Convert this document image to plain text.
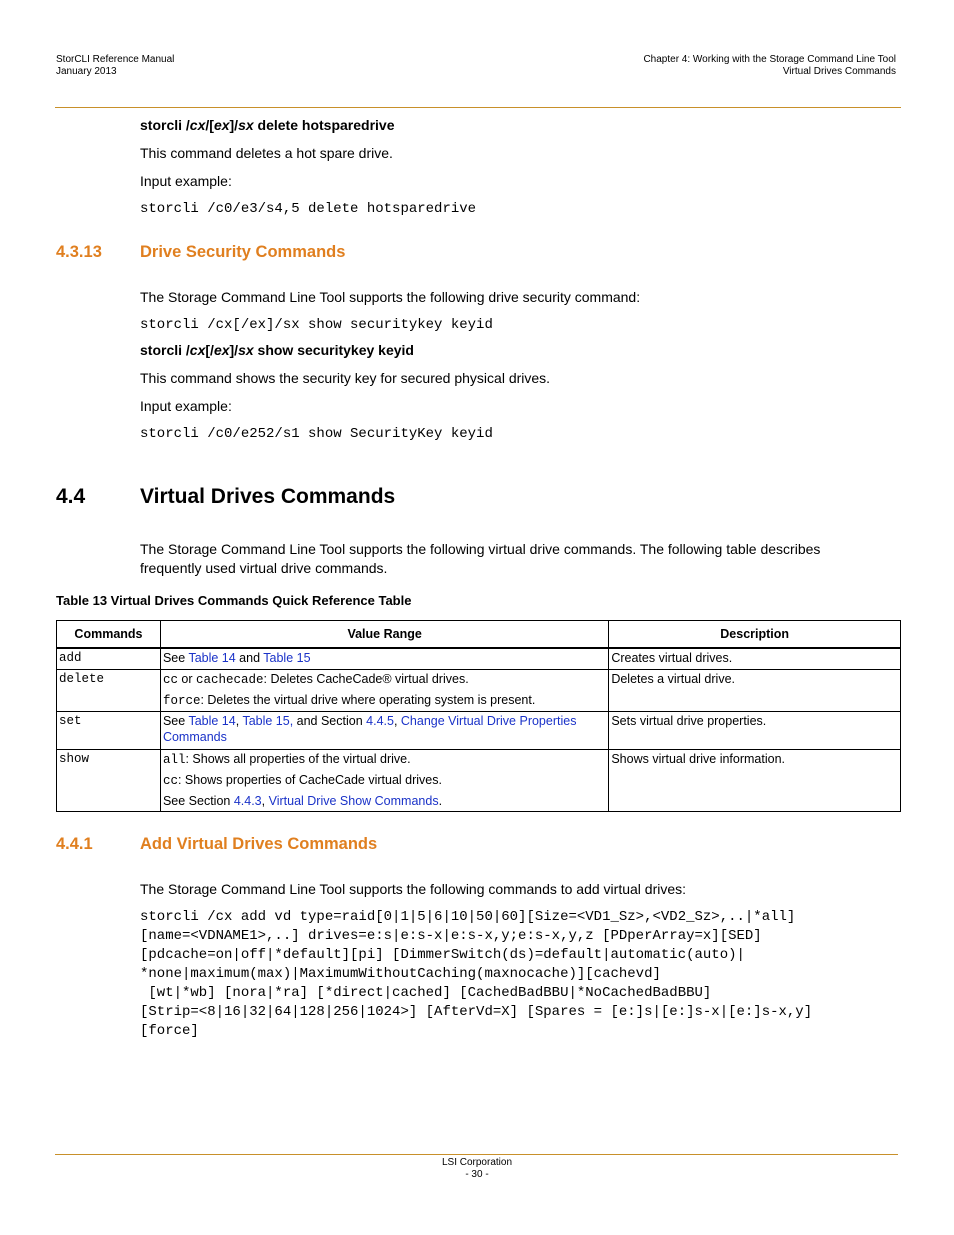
StorCLI Reference Manual
January 2013
Chapter 4: Working with the Storage Command Line Tool
Virtual Drives Commands
storcli /cx/[ex]/sx delete hotsparedrive
This command deletes a hot spare drive.
Input example:
storcli /c0/e3/s4,5 delete hotsparedrive
4.3.13 Drive Security Commands
The Storage Command Line Tool supports the following drive security command:
storcli /cx[/ex]/sx show securitykey keyid
storcli /cx[/ex]/sx show securitykey keyid
This command shows the security key for secured physical drives.
Input example:
storcli /c0/e252/s1 show SecurityKey keyid
4.4	Virtual Drives Commands
The Storage Command Line Tool supports the following virtual drive commands. The following table describes frequently used virtual drive commands.
Table 13 Virtual Drives Commands Quick Reference Table
Commands	Value Range	Description
add	See Table 14 and Table 15	Creates virtual drives.
delete	cc or cachecade: Deletes CacheCade® virtual drives.
force: Deletes the virtual drive where operating system is present.	Deletes a virtual drive.
set	See Table 14, Table 15, and Section 4.4.5, Change Virtual Drive Properties Commands	Sets virtual drive properties.
show	all: Shows all properties of the virtual drive.
cc: Shows properties of CacheCade virtual drives.
See Section 4.4.3, Virtual Drive Show Commands.	Shows virtual drive information.
4.4.1	Add Virtual Drives Commands
The Storage Command Line Tool supports the following commands to add virtual drives:
storcli /cx add vd type=raid[0|1|5|6|10|50|60][Size=<VD1_Sz>,<VD2_Sz>,..|*all]
[name=<VDNAME1>,..] drives=e:s|e:s-x|e:s-x,y;e:s-x,y,z [PDperArray=x][SED]
[pdcache=on|off|*default][pi] [DimmerSwitch(ds)=default|automatic(auto)|
*none|maximum(max)|MaximumWithoutCaching(maxnocache)][cachevd]
[wt|*wb] [nora|*ra] [*direct|cached] [CachedBadBBU|*NoCachedBadBBU]
[Strip=<8|16|32|64|128|256|1024>] [AfterVd=X] [Spares = [e:]s|[e:]s-x|[e:]s-x,y]
[force]
LSI Corporation
- 30 -
